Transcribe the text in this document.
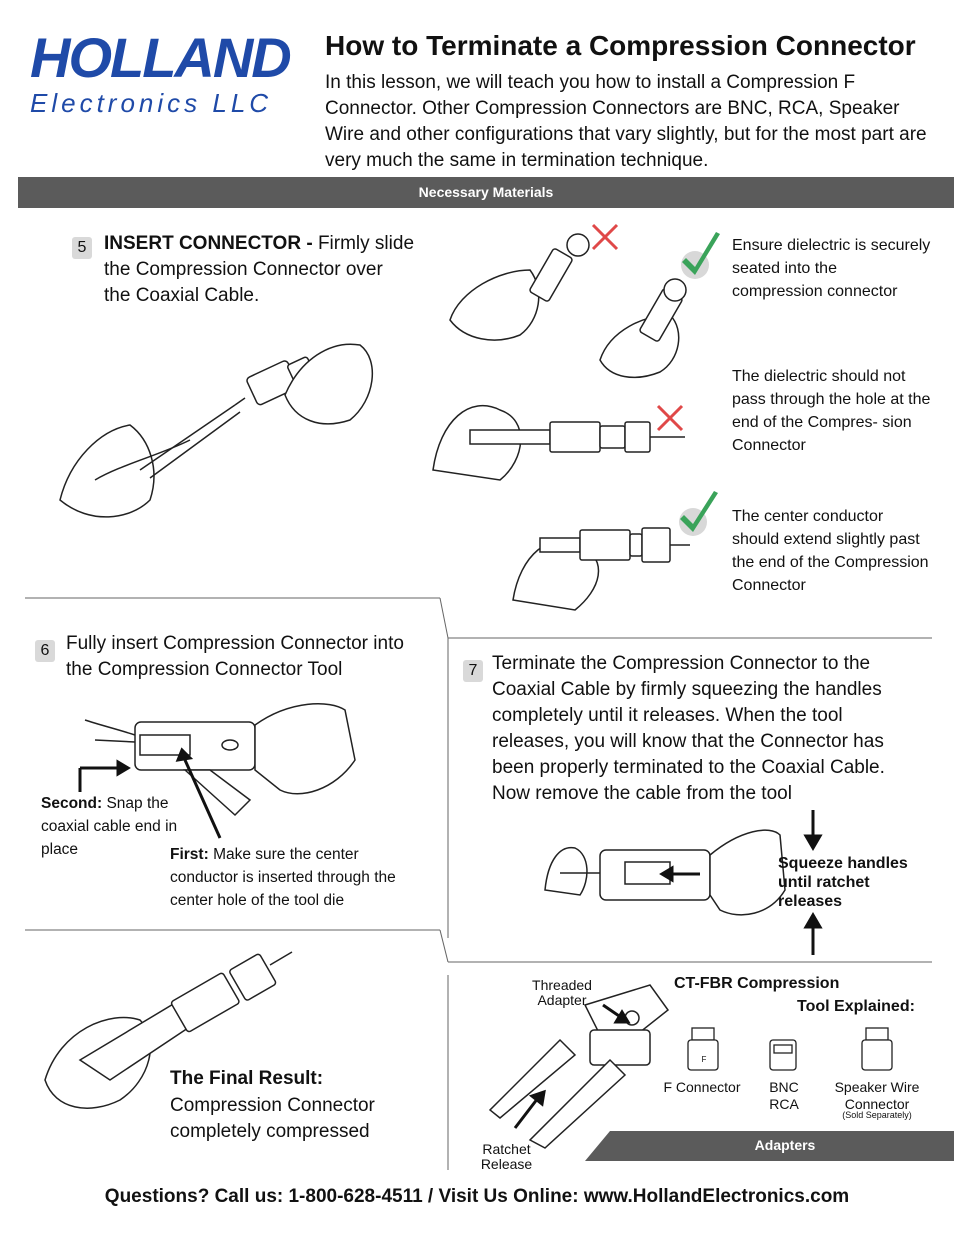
HOLLAND
Electronics LLC
How to Terminate a Compression Connector
In this lesson, we will teach you how to install a Compression F Connector. Other Compression Connectors are BNC, RCA, Speaker Wire and other configurations that vary slightly, but for the most part are very much the same in termination technique.
Necessary Materials
5 INSERT CONNECTOR - Firmly slide the Compression Connector over the Coaxial Cable.
Ensure dielectric is securely seated into the compression connector
The dielectric should not pass through the hole at the end of the Compres- sion Connector
The center conductor should extend slightly past the end of the Compression Connector
6 Fully insert Compression Connector into the Compression Connector Tool
Second: Snap the coaxial cable end in place	First: Make sure the center conductor is inserted through the center hole of the tool die
7 Terminate the Compression Connector to the Coaxial Cable by firmly squeezing the handles completely until it releases. When the tool releases, you will know that the Connector has been properly terminated to the Coaxial Cable. Now remove the cable from the tool
Squeeze handles until ratchet releases
The Final Result:
Compression Connector completely compressed
Threaded Adapter
Ratchet Release
CT-FBR Compression
Tool Explained:
F Connector	BNC RCA
Speaker Wire Connector
(Sold Separately)
F
Adapters
Questions? Call us: 1-800-628-4511 / Visit Us Online: www.HollandElectronics.com
